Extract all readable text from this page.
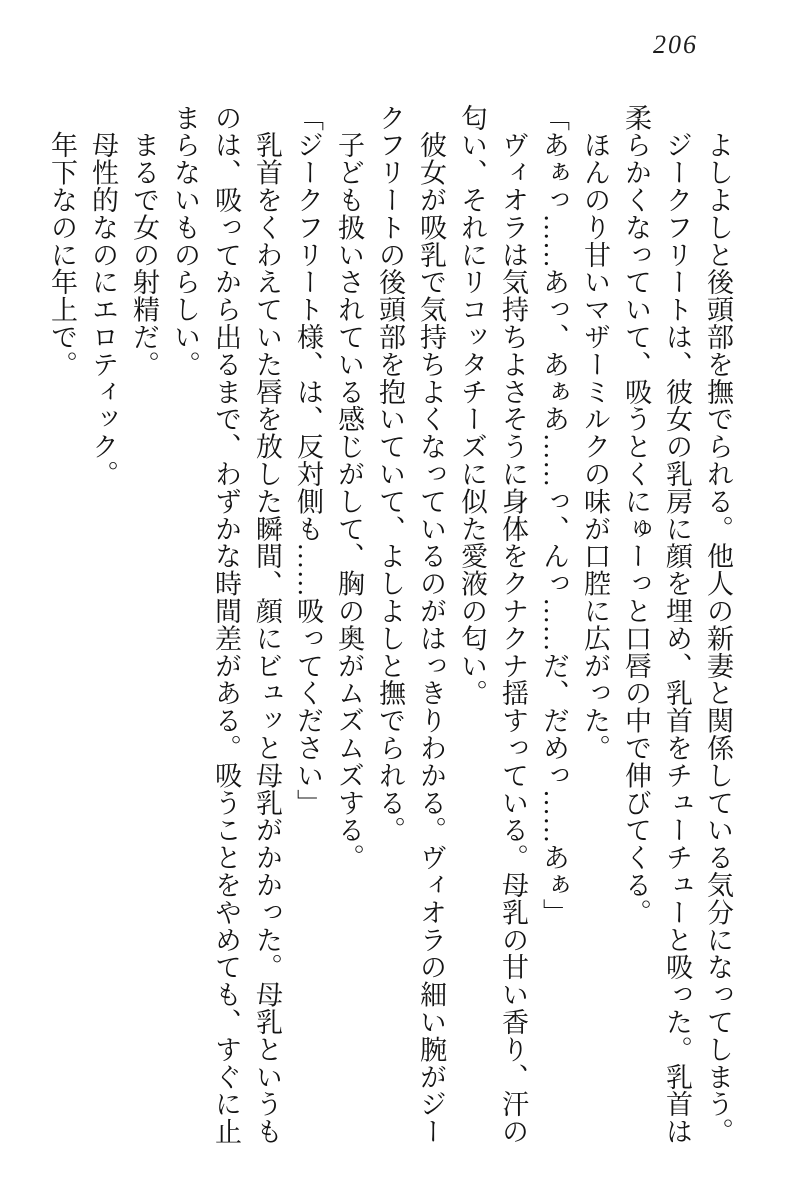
206

　よしよしと後頭部を撫でられる。他人の新妻と関係している気分になってしまう。

　ジークフリートは、彼女の乳房に顔を埋め、乳首をチューチューと吸った。乳首は

柔らかくなっていて、吸うとくにゅーっと口唇の中で伸びてくる。

　ほんのり甘いマザーミルクの味が口腔に広がった。

「あぁっ……あっ、あぁあ……っ、んっ……だ、だめっ……あぁ」

　ヴィオラは気持ちよさそうに身体をクナクナ揺すっている。母乳の甘い香り、汗の

匂い、それにリコッタチーズに似た愛液の匂い。

　彼女が吸乳で気持ちよくなっているのがはっきりわかる。ヴィオラの細い腕がジー

クフリートの後頭部を抱いていて、よしよしと撫でられる。

　子ども扱いされている感じがして、胸の奥がムズムズする。

「ジークフリート様、は、反対側も……吸ってください」

　乳首をくわえていた唇を放した瞬間、顔にビュッと母乳がかかった。母乳というも

のは、吸ってから出るまで、わずかな時間差がある。吸うことをやめても、すぐに止

まらないものらしい。

　まるで女の射精だ。

　母性的なのにエロティック。

　年下なのに年上で。
